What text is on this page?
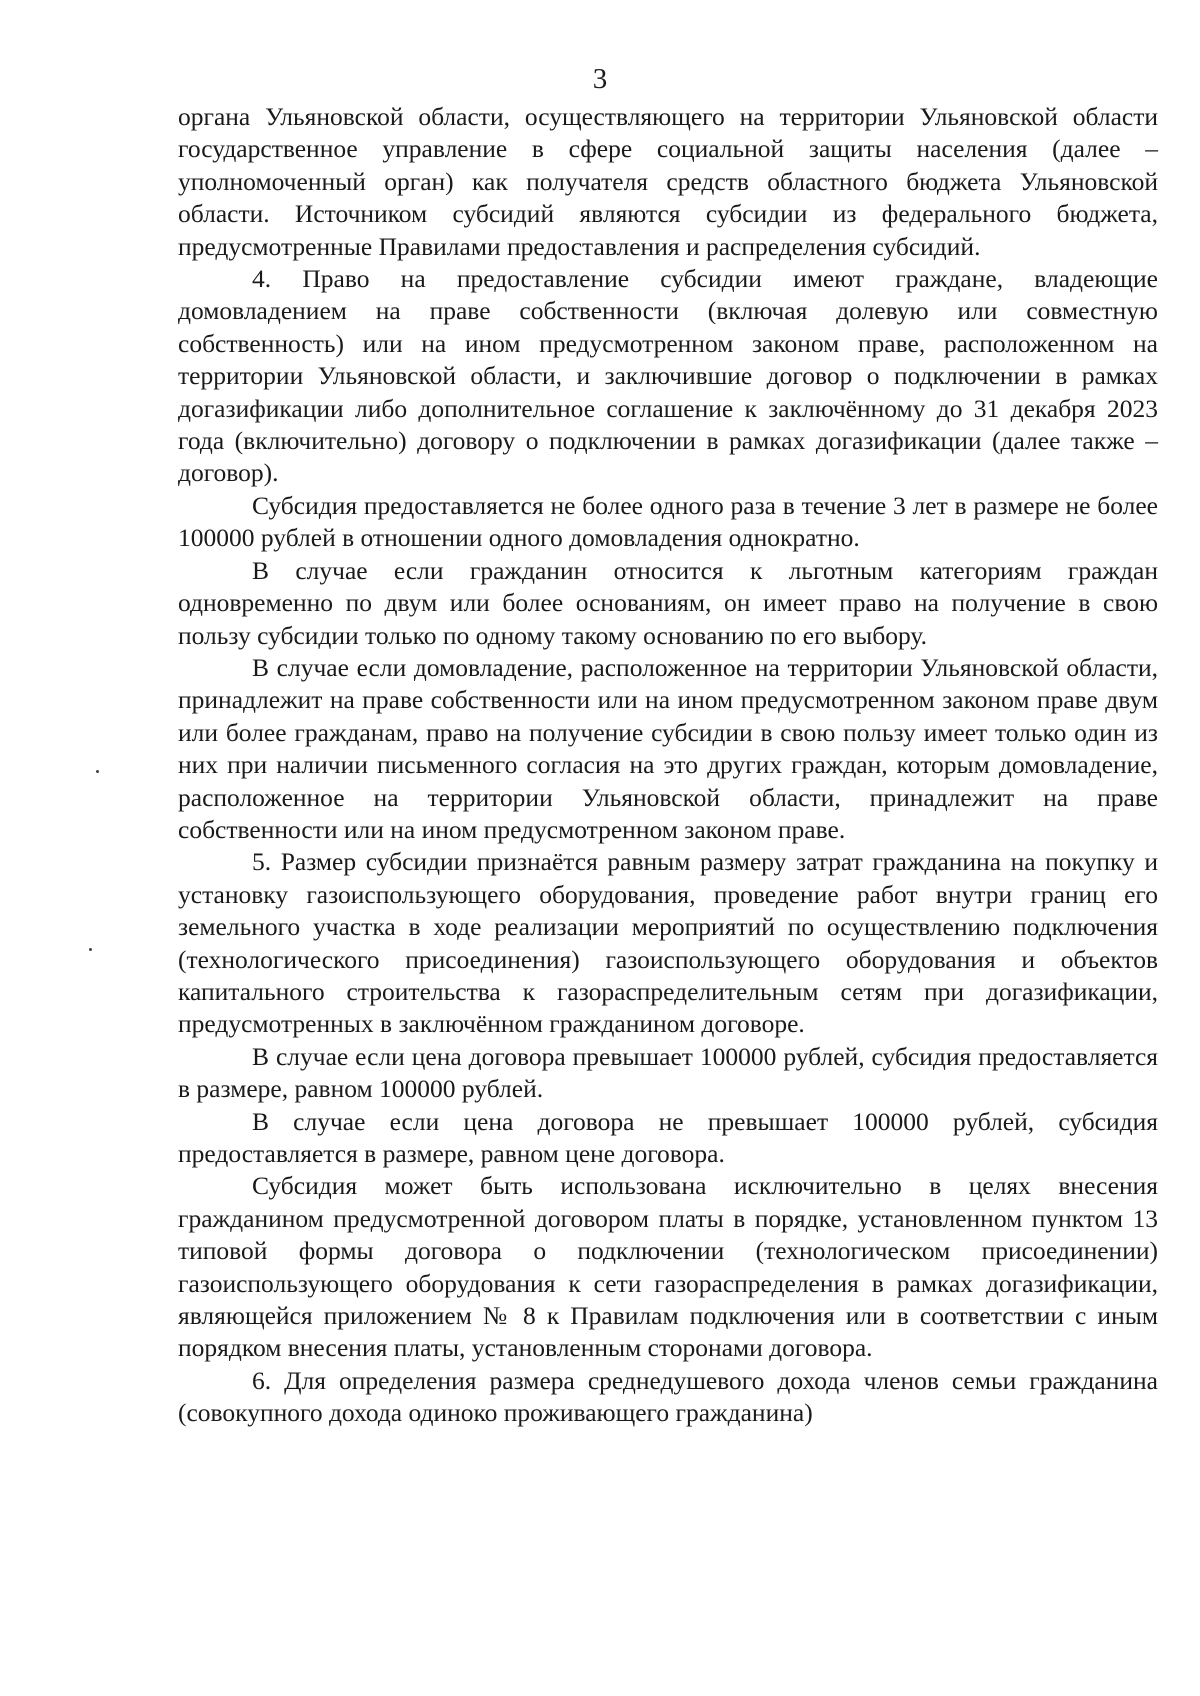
3

органа Ульяновской области, осуществляющего на территории Ульяновской области государственное управление в сфере социальной защиты населения (далее – уполномоченный орган) как получателя средств областного бюджета Ульяновской области. Источником субсидий являются субсидии из федерального бюджета, предусмотренные Правилами предоставления и распределения субсидий.

4. Право на предоставление субсидии имеют граждане, владеющие домовладением на праве собственности (включая долевую или совместную собственность) или на ином предусмотренном законом праве, расположенном на территории Ульяновской области, и заключившие договор о подключении в рамках догазификации либо дополнительное соглашение к заключённому до 31 декабря 2023 года (включительно) договору о подключении в рамках догазификации (далее также – договор).

Субсидия предоставляется не более одного раза в течение 3 лет в размере не более 100000 рублей в отношении одного домовладения однократно.

В случае если гражданин относится к льготным категориям граждан одновременно по двум или более основаниям, он имеет право на получение в свою пользу субсидии только по одному такому основанию по его выбору.

В случае если домовладение, расположенное на территории Ульяновской области, принадлежит на праве собственности или на ином предусмотренном законом праве двум или более гражданам, право на получение субсидии в свою пользу имеет только один из них при наличии письменного согласия на это других граждан, которым домовладение, расположенное на территории Ульяновской области, принадлежит на праве собственности или на ином предусмотренном законом праве.

5. Размер субсидии признаётся равным размеру затрат гражданина на покупку и установку газоиспользующего оборудования, проведение работ внутри границ его земельного участка в ходе реализации мероприятий по осуществлению подключения (технологического присоединения) газоиспользующего оборудования и объектов капитального строительства к газораспределительным сетям при догазификации, предусмотренных в заключённом гражданином договоре.

В случае если цена договора превышает 100000 рублей, субсидия предоставляется в размере, равном 100000 рублей.

В случае если цена договора не превышает 100000 рублей, субсидия предоставляется в размере, равном цене договора.

Субсидия может быть использована исключительно в целях внесения гражданином предусмотренной договором платы в порядке, установленном пунктом 13 типовой формы договора о подключении (технологическом присоединении) газоиспользующего оборудования к сети газораспределения в рамках догазификации, являющейся приложением № 8 к Правилам подключения или в соответствии с иным порядком внесения платы, установленным сторонами договора.

6. Для определения размера среднедушевого дохода членов семьи гражданина (совокупного дохода одиноко проживающего гражданина)
